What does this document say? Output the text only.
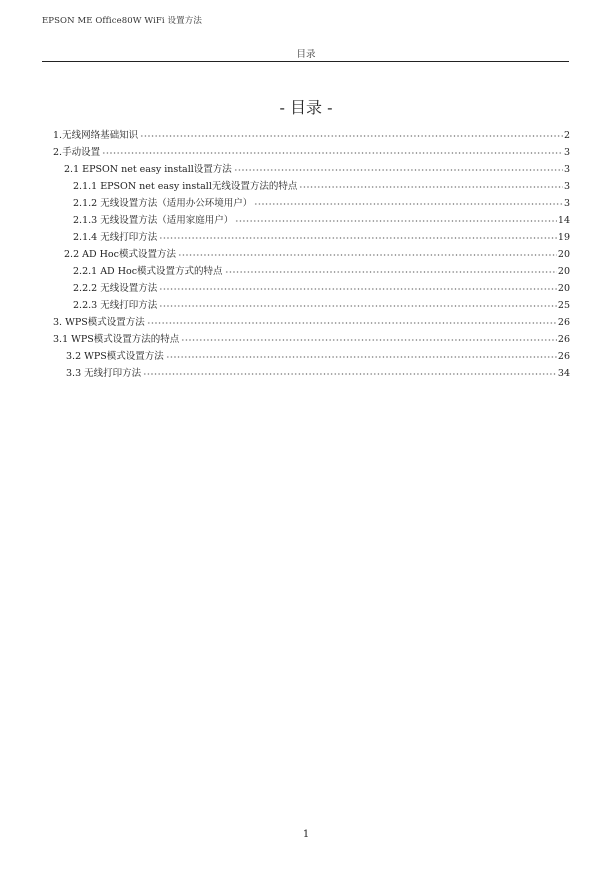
EPSON ME Office80W WiFi 设置方法
目录
- 目录 -
1.无线网络基础知识	2
2.手动设置	3
2.1 EPSON net easy install设置方法	3
2.1.1 EPSON net easy install无线设置方法的特点	3
2.1.2 无线设置方法（适用办公环境用户）	3
2.1.3 无线设置方法（适用家庭用户）	14
2.1.4 无线打印方法	19
2.2 AD Hoc模式设置方法	20
2.2.1 AD Hoc模式设置方式的特点	20
2.2.2 无线设置方法	20
2.2.3 无线打印方法	25
3. WPS模式设置方法	26
3.1 WPS模式设置方法的特点	26
3.2 WPS模式设置方法	26
3.3 无线打印方法	34
1
